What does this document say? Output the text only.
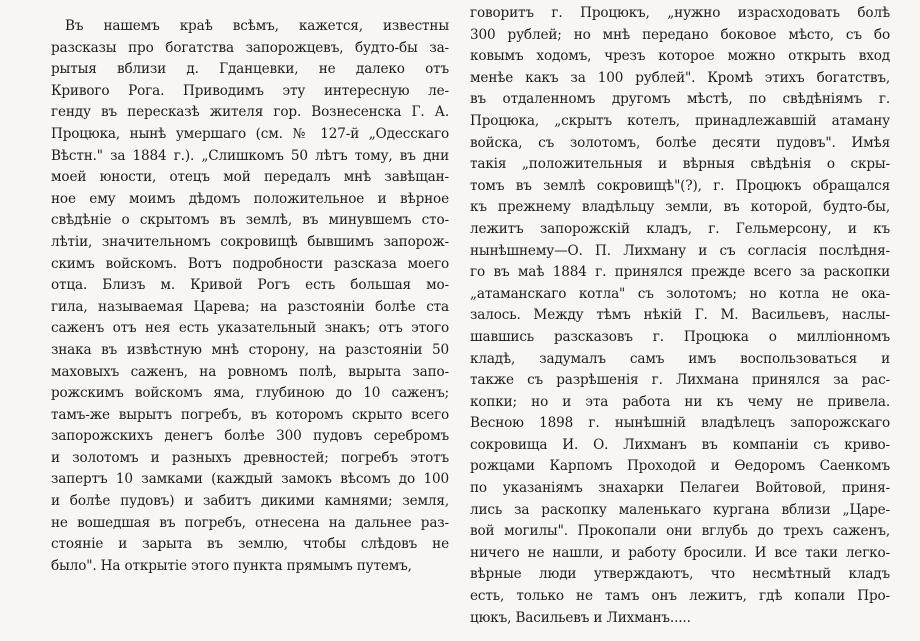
Въ нашемъ краѣ всѣмъ, кажется, известны
разсказы про богатства запорожцевъ, будто-бы за-
рытыя вблизи д. Гданцевки, не далеко отъ
Кривого Рога. Приводимъ эту интересную ле-
генду въ пересказѣ жителя гор. Вознесенска Г. А.
Процюка, нынѣ умершаго (см. № 127-й „Одесскаго
Вѣстн." за 1884 г.). „Слишкомъ 50 лѣтъ тому, въ дни
моей юности, отецъ мой передалъ мнѣ завѣщан-
ное ему моимъ дѣдомъ положительное и вѣрное
свѣдѣніе о скрытомъ въ землѣ, въ минувшемъ сто-
лѣтіи, значительномъ сокровищѣ бывшимъ запорож-
скимъ войскомъ. Вотъ подробности разсказа моего
отца. Близъ м. Кривой Рогъ есть большая мо-
гила, называемая Царева; на разстояніи болѣе ста
саженъ отъ нея есть указательный знакъ; отъ этого
знака въ извѣстную мнѣ сторону, на разстояніи 50
маховыхъ саженъ, на ровномъ полѣ, вырыта запо-
рожскимъ войскомъ яма, глубиною до 10 саженъ;
тамъ-же вырытъ погребъ, въ которомъ скрыто всего
запорожскихъ денегъ болѣе 300 пудовъ серебромъ
и золотомъ и разныхъ древностей; погребъ этотъ
запертъ 10 замками (каждый замокъ вѣсомъ до 100
и болѣе пудовъ) и забитъ дикими камнями; земля,
не вошедшая въ погребъ, отнесена на дальнее раз-
стояніе и зарыта въ землю, чтобы слѣдовъ не
было". На открытіе этого пункта прямымъ путемъ,
говоритъ г. Процюкъ, „нужно израсходовать болѣ
300 рублей; но мнѣ передано боковое мѣсто, съ бо
ковымъ ходомъ, чрезъ которое можно открыть вход
менѣе какъ за 100 рублей". Кромѣ этихъ богатствъ,
въ отдаленномъ другомъ мѣстѣ, по свѣдѣніямъ г.
Процюка, „скрытъ котелъ, принадлежавшій атаману
войска, съ золотомъ, болѣе десяти пудовъ". Имѣя
такія „положительныя и вѣрныя свѣдѣнія о скры-
томъ въ землѣ сокровищѣ"(?), г. Процюкъ обращался
къ прежнему владѣльцу земли, въ которой, будто-бы,
лежитъ запорожскій кладъ, г. Гельмерсону, и къ
нынѣшнему—О. П. Лихману и съ согласія послѣдня-
го въ маѣ 1884 г. принялся прежде всего за раскопки
„атаманскаго котла" съ золотомъ; но котла не ока-
залось. Между тѣмъ нѣкій Г. М. Васильевъ, наслы-
шавшись разсказовъ г. Процюка о милліонномъ
кладѣ, задумалъ самъ имъ воспользоваться и
также съ разрѣшенія г. Лихмана принялся за рас-
копки; но и эта работа ни къ чему не привела.
Весною 1898 г. нынѣшній владѣлецъ запорожскаго
сокровища И. О. Лихманъ въ компаніи съ криво-
рожцами Карпомъ Проходой и Ѳедоромъ Саенкомъ
по указаніямъ знахарки Пелагеи Войтовой, приня-
лись за раскопку маленькаго кургана вблизи „Царе-
вой могилы". Прокопали они вглубь до трехъ саженъ,
ничего не нашли, и работу бросили. И все таки легко-
вѣрные люди утверждаютъ, что несмѣтный кладъ
есть, только не тамъ онъ лежитъ, гдѣ копали Про-
цюкъ, Васильевъ и Лихманъ.....
